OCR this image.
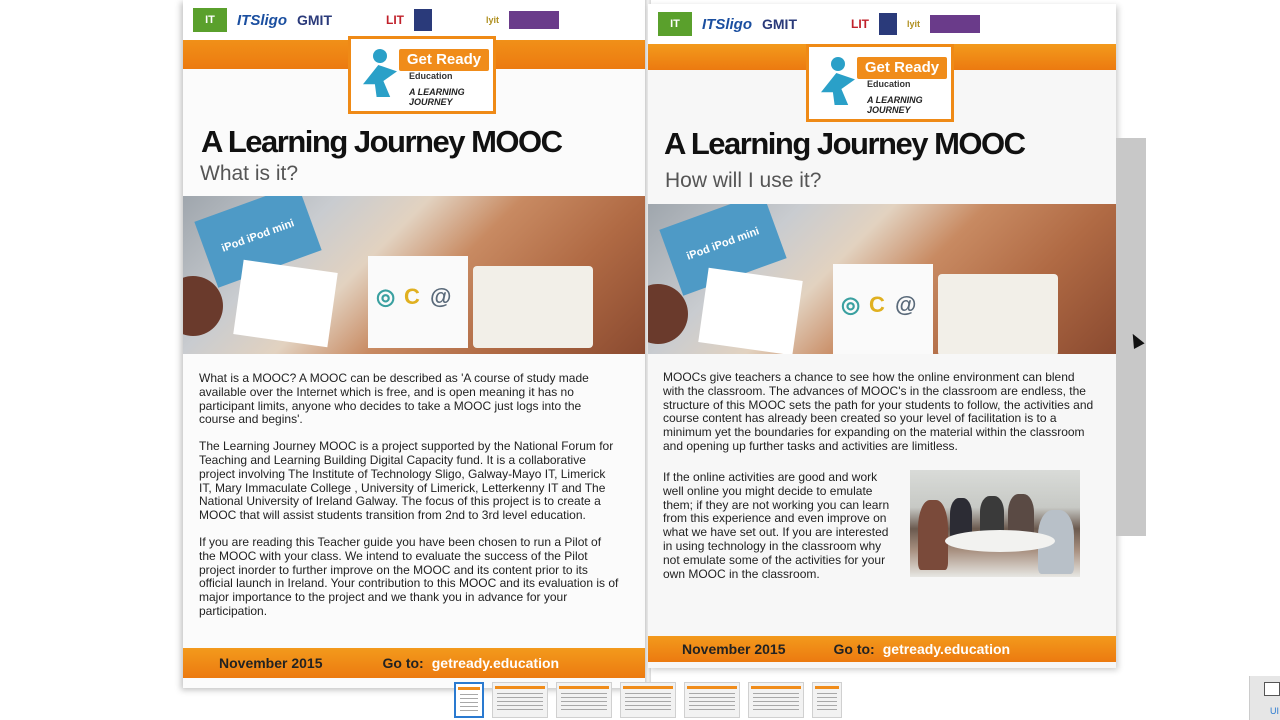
IT	ITSligo GMIT	LIT	lyit
Get Ready
Education
A LEARNING JOURNEY
A Learning Journey MOOC
What is it?
iPod iPod mini
◎ C @

What is a MOOC? A MOOC can be described as 'A course of study made available over the Internet which is free, and is open meaning it has no participant limits, anyone who decides to take a MOOC just logs into the course and begins'.

The Learning Journey MOOC is a project supported by the National Forum for Teaching and Learning Building Digital Capacity fund. It is a collaborative project involving The Institute of Technology Sligo, Galway-Mayo IT, Limerick IT, Mary Immaculate College , University of Limerick, Letterkenny IT and The National University of Ireland Galway. The focus of this project is to create a MOOC that will assist students transition from 2nd to 3rd level education.

If you are reading this Teacher guide you have been chosen to run a Pilot of the MOOC with your class. We intend to evaluate the success of the Pilot project inorder to further improve on the MOOC and its content prior to its official launch in Ireland. Your contribution to this MOOC and its evaluation is of major importance to the project and we thank you in advance for your participation.

November 2015	Go to: getready.education
IT	ITSligo GMIT	LIT	lyit
Get Ready
Education
A LEARNING JOURNEY
A Learning Journey MOOC
How will I use it?
iPod iPod mini
◎ C @
MOOCs give teachers a chance to see how the online environment can blend with the classroom. The advances of MOOC's in the classroom are endless, the structure of this MOOC sets the path for your students to follow, the activities and course content has already been created so your level of facilitation is to a minimum yet the boundaries for expanding on the material within the classroom and opening up further tasks and activities are limitless.
If the online activities are good and work well online you might decide to emulate them; if they are not working you can learn from this experience and even improve on what we have set out. If you are interested in using technology in the classroom why not emulate some of the activities for your own MOOC in the classroom.
November 2015	Go to: getready.education
UI
